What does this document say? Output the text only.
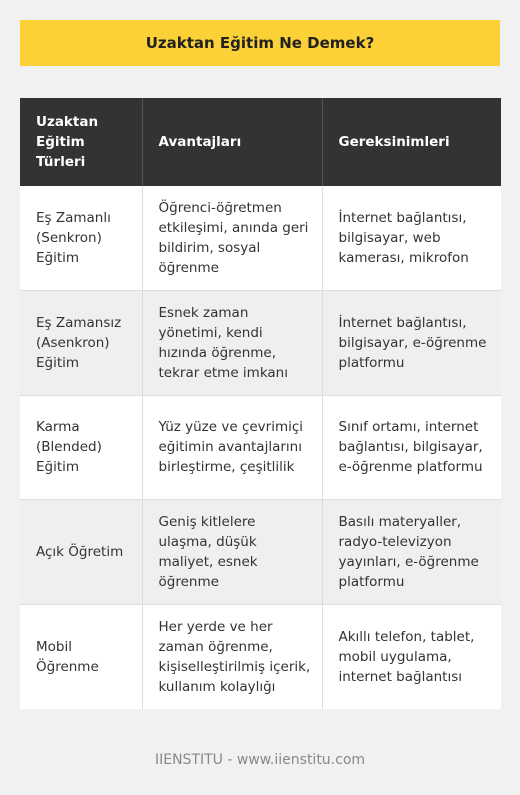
Uzaktan Eğitim Ne Demek?
Uzaktan Eğitim Türleri	Avantajları	Gereksinimleri
Eş Zamanlı (Senkron) Eğitim	Öğrenci-öğretmen etkileşimi, anında geri bildirim, sosyal öğrenme	İnternet bağlantısı, bilgisayar, web kamerası, mikrofon
Eş Zamansız (Asenkron) Eğitim	Esnek zaman yönetimi, kendi hızında öğrenme, tekrar etme imkanı	İnternet bağlantısı, bilgisayar, e-öğrenme platformu
Karma (Blended) Eğitim	Yüz yüze ve çevrimiçi eğitimin avantajlarını birleştirme, çeşitlilik	Sınıf ortamı, internet bağlantısı, bilgisayar, e-öğrenme platformu
Açık Öğretim	Geniş kitlelere ulaşma, düşük maliyet, esnek öğrenme	Basılı materyaller, radyo-televizyon yayınları, e-öğrenme platformu
Mobil Öğrenme	Her yerde ve her zaman öğrenme, kişiselleştirilmiş içerik, kullanım kolaylığı	Akıllı telefon, tablet, mobil uygulama, internet bağlantısı
IIENSTITU - www.iienstitu.com
